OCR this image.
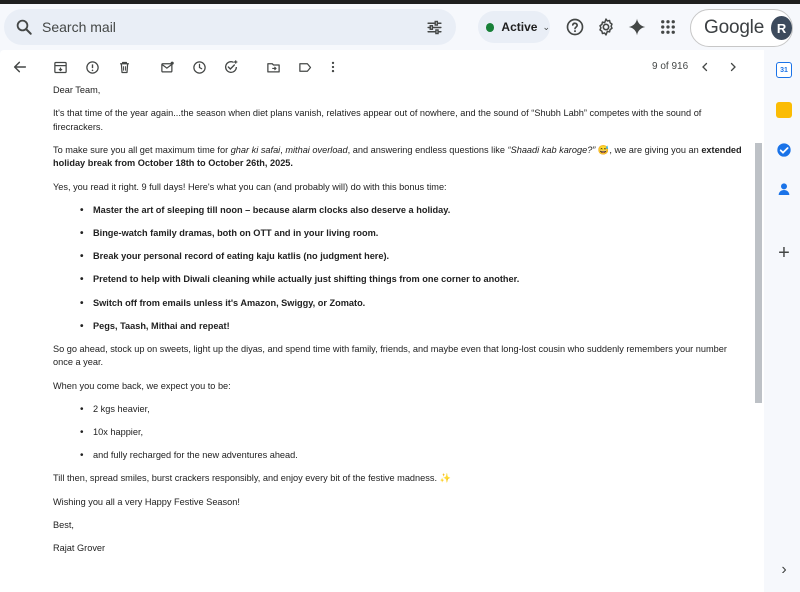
Search mail
Active ⌄	Google R
9 of 916

Dear Team,

It's that time of the year again...the season when diet plans vanish, relatives appear out of nowhere, and the sound of “Shubh Labh” competes with the sound of firecrackers.

To make sure you all get maximum time for ghar ki safai, mithai overload, and answering endless questions like “Shaadi kab karoge?” 😅, we are giving you an extended holiday break from October 18th to October 26th, 2025.

Yes, you read it right. 9 full days! Here's what you can (and probably will) do with this bonus time:

• Master the art of sleeping till noon – because alarm clocks also deserve a holiday.
• Binge-watch family dramas, both on OTT and in your living room.
• Break your personal record of eating kaju katlis (no judgment here).
• Pretend to help with Diwali cleaning while actually just shifting things from one corner to another.
• Switch off from emails unless it's Amazon, Swiggy, or Zomato.
• Pegs, Taash, Mithai and repeat!

So go ahead, stock up on sweets, light up the diyas, and spend time with family, friends, and maybe even that long-lost cousin who suddenly remembers your number once a year.

When you come back, we expect you to be:

• 2 kgs heavier,
• 10x happier,
• and fully recharged for the new adventures ahead.

Till then, spread smiles, burst crackers responsibly, and enjoy every bit of the festive madness. ✨

Wishing you all a very Happy Festive Season!

Best,

Rajat Grover

31
+
›
